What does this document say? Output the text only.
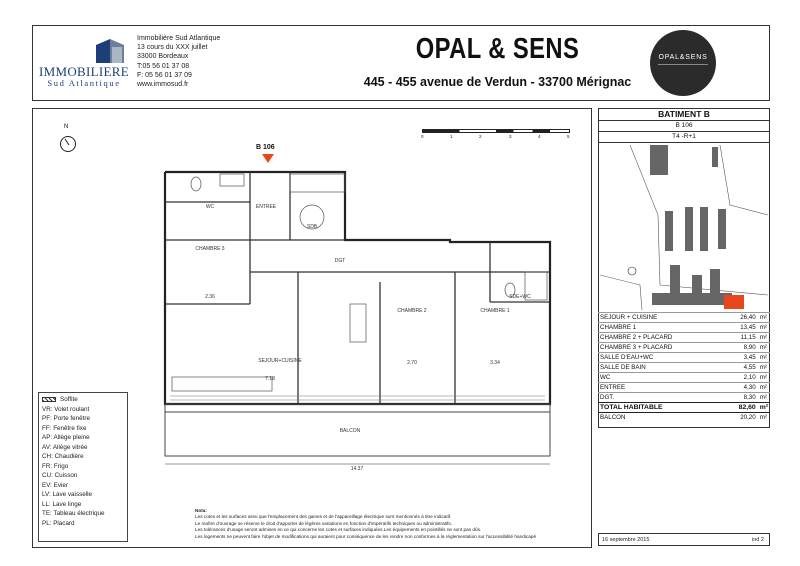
IMMOBILIERE
Sud Atlantique
Immobilière Sud Atlantique
13 cours du XXX juillet
33000 Bordeaux
T:05 56 01 37 08
F: 05 56 01 37 09
www.immosud.fr
OPAL & SENS
445 - 455 avenue de Verdun - 33700 Mérignac
OPAL&SENS
N
0	1	2	3	4	5
B 106
WC	ENTREE
SDB
CHAMBRE 3
DGT
SDE+WC
CHAMBRE 2	CHAMBRE 1
SEJOUR+CUISINE
BALCON
2.36
7.18
2.70	3.34
14.37
Soffite
VR: Volet roulant
PF: Porte fenêtre
FF: Fenêtre fixe
AP: Allège pleine
AV: Allège vitrée
CH: Chaudière
FR: Frigo
CU: Cuisson
EV: Evier
LV: Lave vaisselle
LL: Lave linge
TE: Tableau électrique
PL: Placard
Nota:
Les cotes et les surfaces ainsi que l'emplacement des gaines et de l'appareillage électrique sont mentionnés à titre indicatif.
Le maître d'ouvrage se réserve le droit d'apporter de légères variations en fonction d'impératifs techniques ou administratifs.
Les tolérances d'usage seront admises en ce qui concerne les cotes et surfaces indiquées.Les équipements en pointillés ne sont pas dûs.
Les logements ne peuvent faire l'objet de modifications qui auraient pour conséquence de les rendre non conformes à la réglementation sur l'accessibilité handicapé
BATIMENT B
B 106
T4 -R+1
SEJOUR + CUISINE	26,40	m²
CHAMBRE 1	13,45	m²
CHAMBRE 2 + PLACARD	11,15	m²
CHAMBRE 3 + PLACARD	8,90	m²
SALLE D'EAU+WC	3,45	m²
SALLE DE BAIN	4,55	m²
WC	2,10	m²
ENTREE	4,30	m²
DGT.	8,30	m²
TOTAL HABITABLE	82,60	m²
BALCON	20,20	m²
16 septembre 2015	ind 2
